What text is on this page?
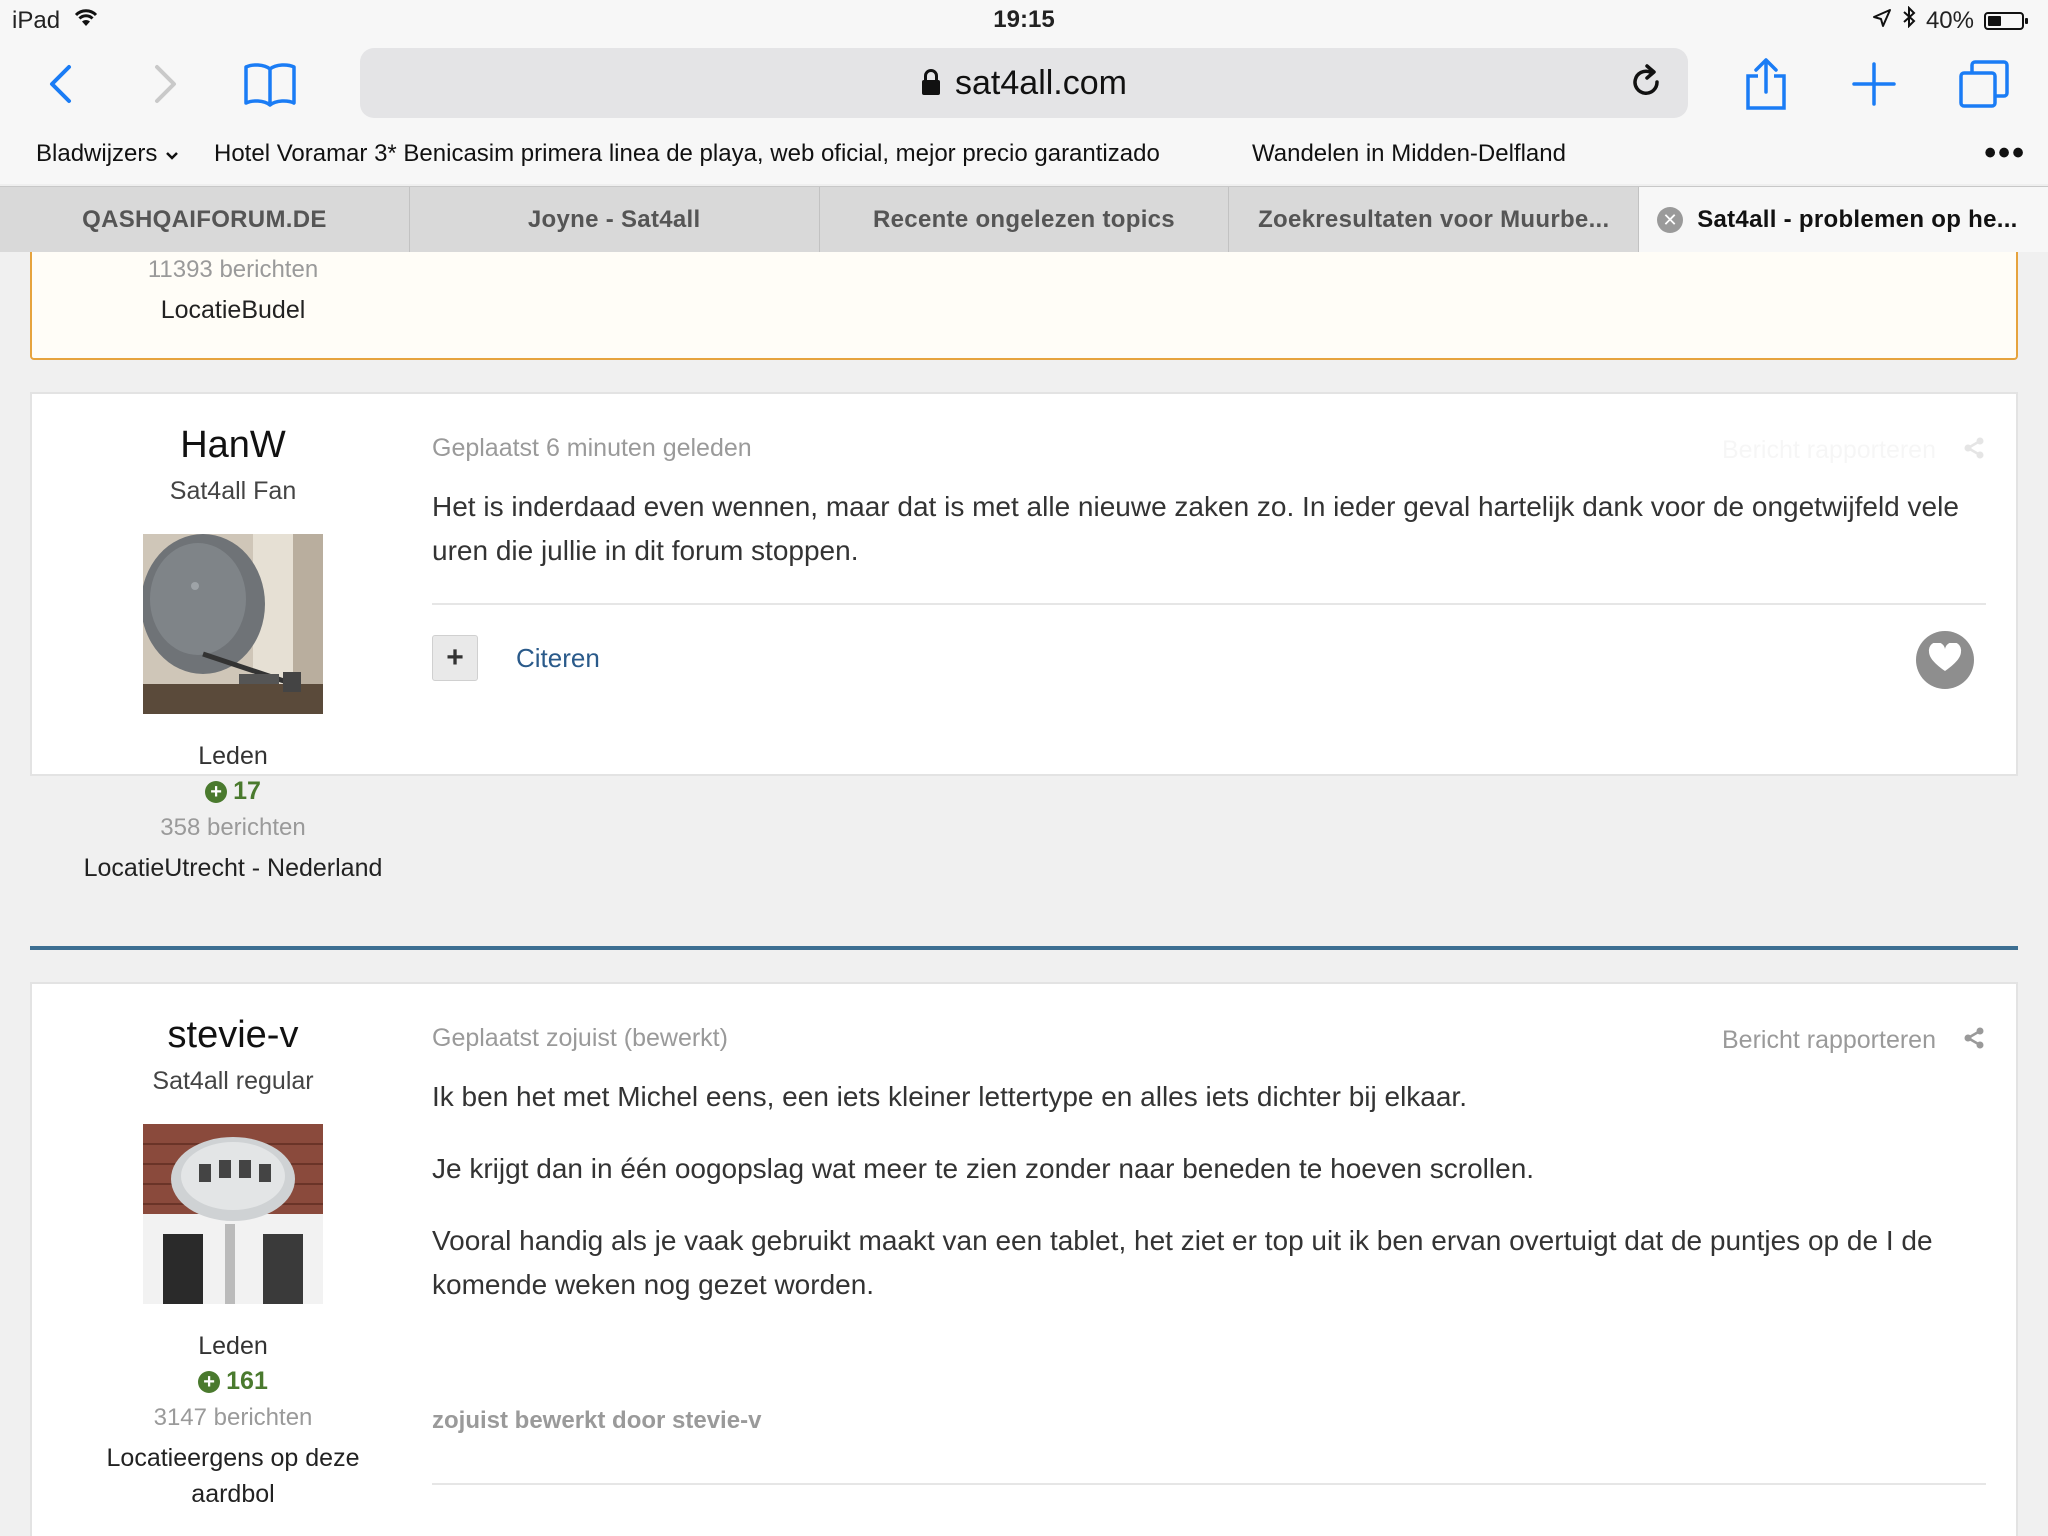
iPad	19:15	40%
sat4all.com
Bladwijzers	Hotel Voramar 3* Benicasim primera linea de playa, web oficial, mejor precio garantizado	Wandelen in Midden-Delfland	•••
QASHQAIFORUM.DE	Joyne - Sat4all	Recente ongelezen topics	Zoekresultaten voor Muurbe...	✕ Sat4all - problemen op he...
11393 berichten
LocatieBudel
HanW
Sat4all Fan
Leden
+ 17
358 berichten
LocatieUtrecht - Nederland
Geplaatst 6 minuten geleden	Bericht rapporteren

Het is inderdaad even wennen, maar dat is met alle nieuwe zaken zo. In ieder geval hartelijk dank voor de ongetwijfeld vele uren die jullie in dit forum stoppen.

+	Citeren
stevie-v
Sat4all regular
Leden
+ 161
3147 berichten
Locatieergens op deze aardbol
Geplaatst zojuist (bewerkt)	Bericht rapporteren

Ik ben het met Michel eens, een iets kleiner lettertype en alles iets dichter bij elkaar.

Je krijgt dan in één oogopslag wat meer te zien zonder naar beneden te hoeven scrollen.

Vooral handig als je vaak gebruikt maakt van een tablet, het ziet er top uit ik ben ervan overtuigt dat de puntjes op de I de komende weken nog gezet worden.

zojuist bewerkt door stevie-v
